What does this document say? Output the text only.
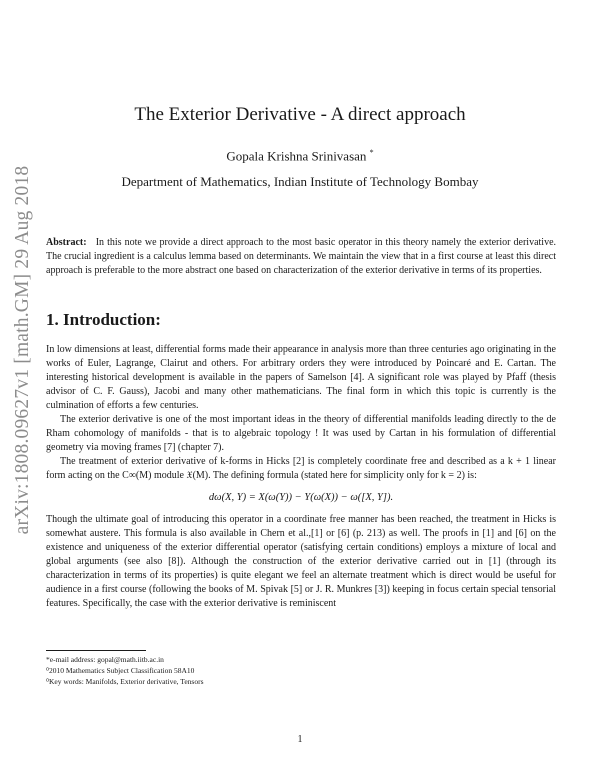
arXiv:1808.09627v1 [math.GM] 29 Aug 2018
The Exterior Derivative - A direct approach
Gopala Krishna Srinivasan *
Department of Mathematics, Indian Institute of Technology Bombay

Abstract: In this note we provide a direct approach to the most basic operator in this theory namely the exterior derivative. The crucial ingredient is a calculus lemma based on determinants. We maintain the view that in a first course at least this direct approach is preferable to the more abstract one based on characterization of the exterior derivative in terms of its properties.

1. Introduction:

In low dimensions at least, differential forms made their appearance in analysis more than three centuries ago originating in the works of Euler, Lagrange, Clairut and others. For arbitrary orders they were introduced by Poincaré and E. Cartan. The interesting historical development is available in the papers of Samelson [4]. A significant role was played by Pfaff (thesis advisor of C. F. Gauss), Jacobi and many other mathematicians. The final form in which this topic is currently is the culmination of efforts a few centuries.

The exterior derivative is one of the most important ideas in the theory of differential manifolds leading directly to the de Rham cohomology of manifolds - that is to algebraic topology ! It was used by Cartan in his formulation of differential geometry via moving frames [7] (chapter 7).

The treatment of exterior derivative of k-forms in Hicks [2] is completely coordinate free and described as a k + 1 linear form acting on the C∞(M) module 𝔛(M). The defining formula (stated here for simplicity only for k = 2) is:

dω(X, Y) = X(ω(Y)) − Y(ω(X)) − ω([X, Y]).

Though the ultimate goal of introducing this operator in a coordinate free manner has been reached, the treatment in Hicks is somewhat austere. This formula is also available in Chern et al.,[1] or [6] (p. 213) as well. The proofs in [1] and [6] on the existence and uniqueness of the exterior differential operator (satisfying certain conditions) employs a mixture of local and global arguments (see also [8]). Although the construction of the exterior derivative carried out in [1] (through its characterization in terms of its properties) is quite elegant we feel an alternate treatment which is direct would be useful for audience in a first course (following the books of M. Spivak [5] or J. R. Munkres [3]) keeping in focus certain special tensorial features. Specifically, the case with the exterior derivative is reminiscent

*e-mail address: gopal@math.iitb.ac.in
⁰2010 Mathematics Subject Classification 58A10
⁰Key words: Manifolds, Exterior derivative, Tensors
1
